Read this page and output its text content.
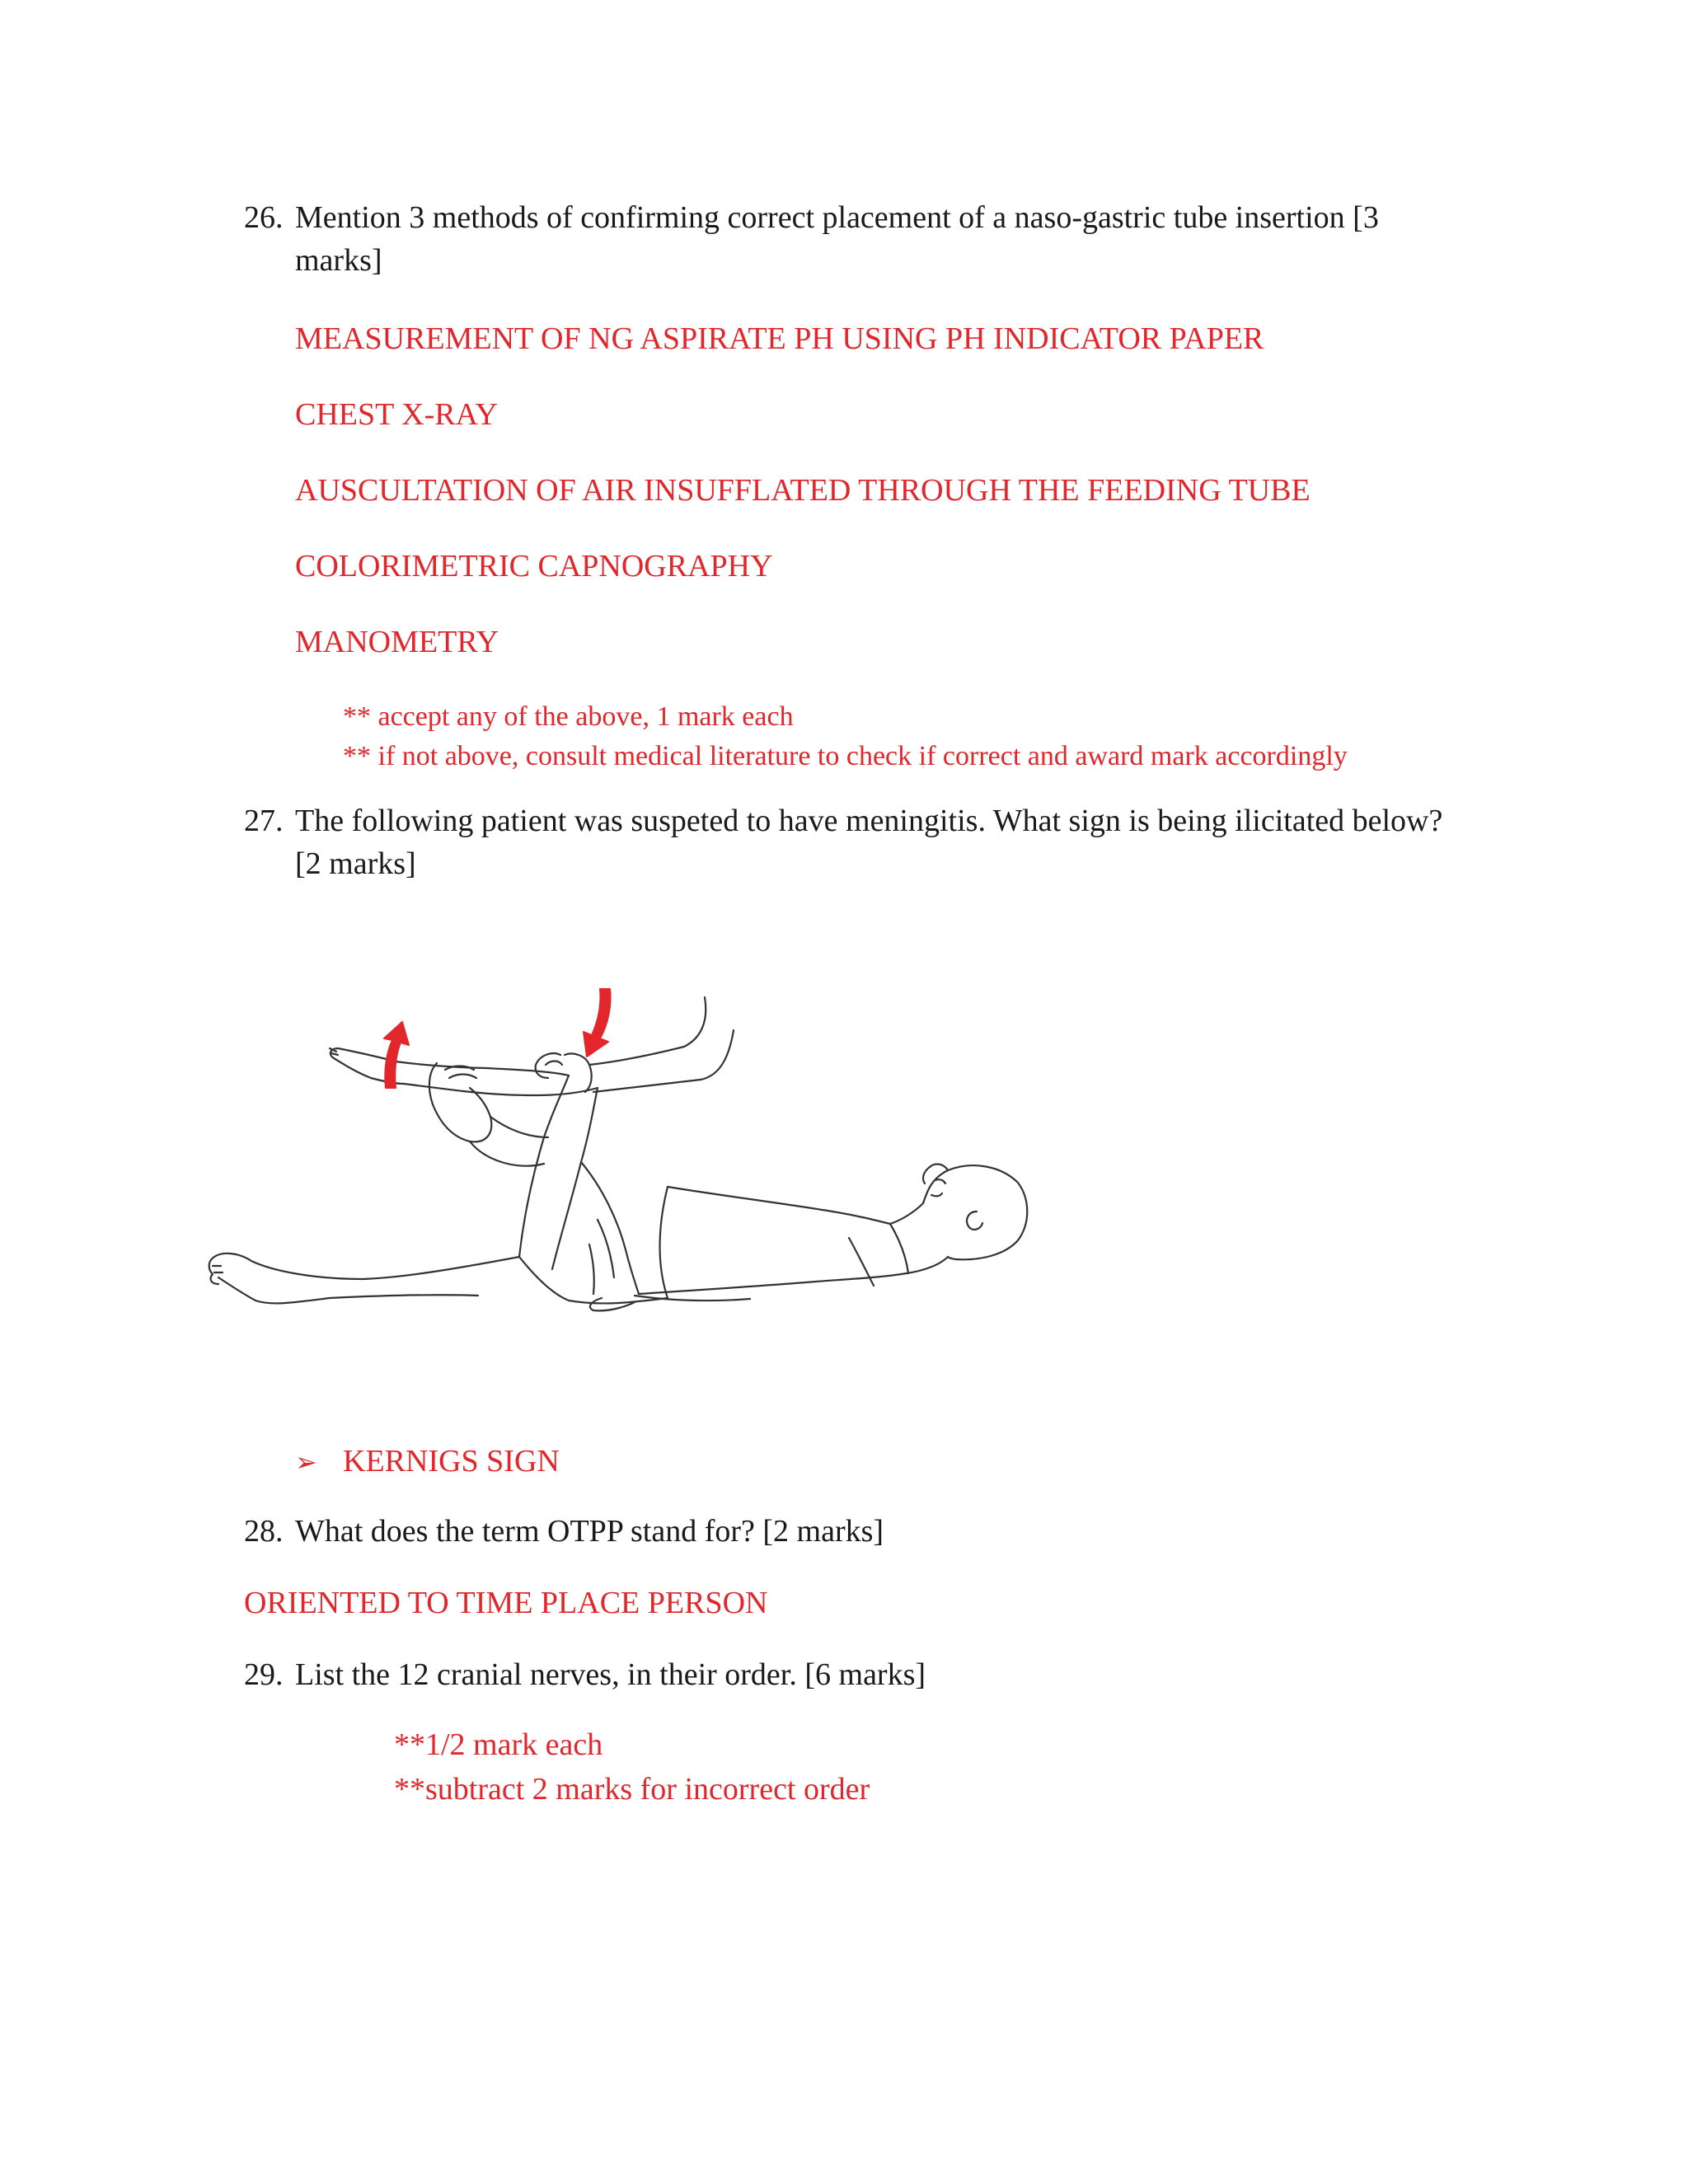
26. Mention 3 methods of confirming correct placement of a naso-gastric tube insertion [3 marks]
MEASUREMENT OF NG ASPIRATE PH USING PH INDICATOR PAPER
CHEST X-RAY
AUSCULTATION OF AIR INSUFFLATED THROUGH THE FEEDING TUBE
COLORIMETRIC CAPNOGRAPHY
MANOMETRY
** accept any of the above, 1 mark each
** if not above, consult medical literature to check if correct and award mark accordingly
27. The following patient was suspeted to have meningitis. What sign is being ilicitated below? [2 marks]
➢ KERNIGS SIGN
28. What does the term OTPP stand for? [2 marks]
ORIENTED TO TIME PLACE PERSON
29. List the 12 cranial nerves, in their order. [6 marks]
**1/2 mark each
**subtract 2 marks for incorrect order
